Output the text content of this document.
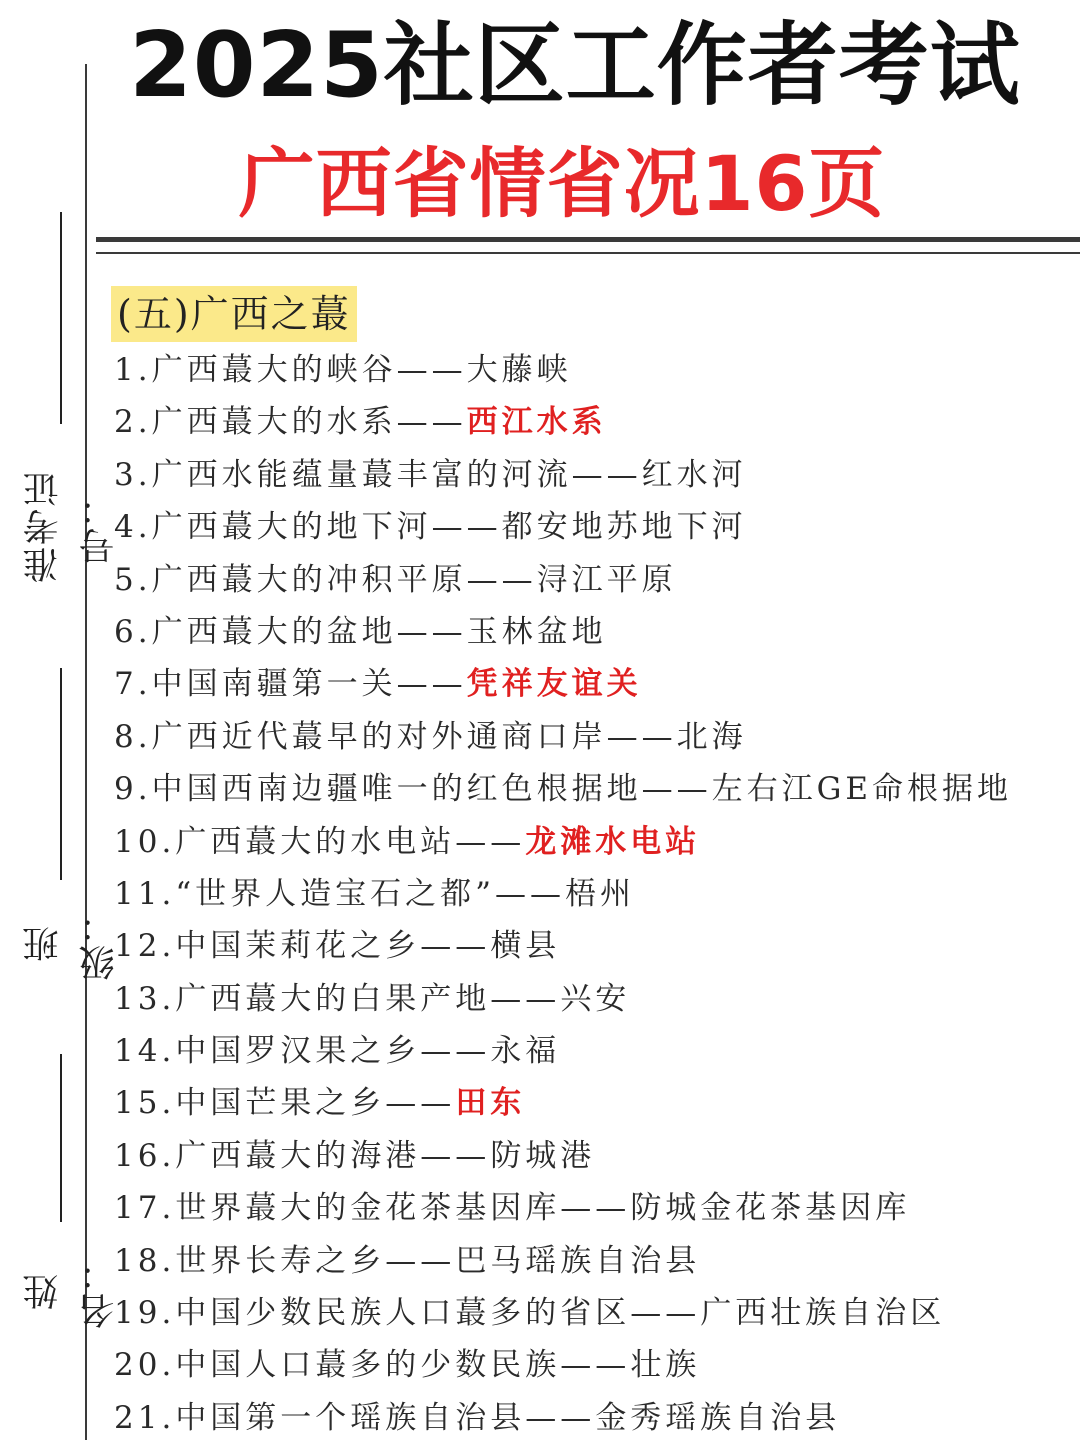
2025社区工作者考试
广西省情省况16页
准考证号：
班级：
姓名：
(五)广西之蕞
1.广西蕞大的峡谷——大藤峡
2.广西蕞大的水系——西江水系
3.广西水能蕴量蕞丰富的河流——红水河
4.广西蕞大的地下河——都安地苏地下河
5.广西蕞大的冲积平原——浔江平原
6.广西蕞大的盆地——玉林盆地
7.中国南疆第一关——凭祥友谊关
8.广西近代蕞早的对外通商口岸——北海
9.中国西南边疆唯一的红色根据地——左右江GE命根据地
10.广西蕞大的水电站——龙滩水电站
11.“世界人造宝石之都”——梧州
12.中国茉莉花之乡——横县
13.广西蕞大的白果产地——兴安
14.中国罗汉果之乡——永福
15.中国芒果之乡——田东
16.广西蕞大的海港——防城港
17.世界蕞大的金花茶基因库——防城金花茶基因库
18.世界长寿之乡——巴马瑶族自治县
19.中国少数民族人口蕞多的省区——广西壮族自治区
20.中国人口蕞多的少数民族——壮族
21.中国第一个瑶族自治县——金秀瑶族自治县
